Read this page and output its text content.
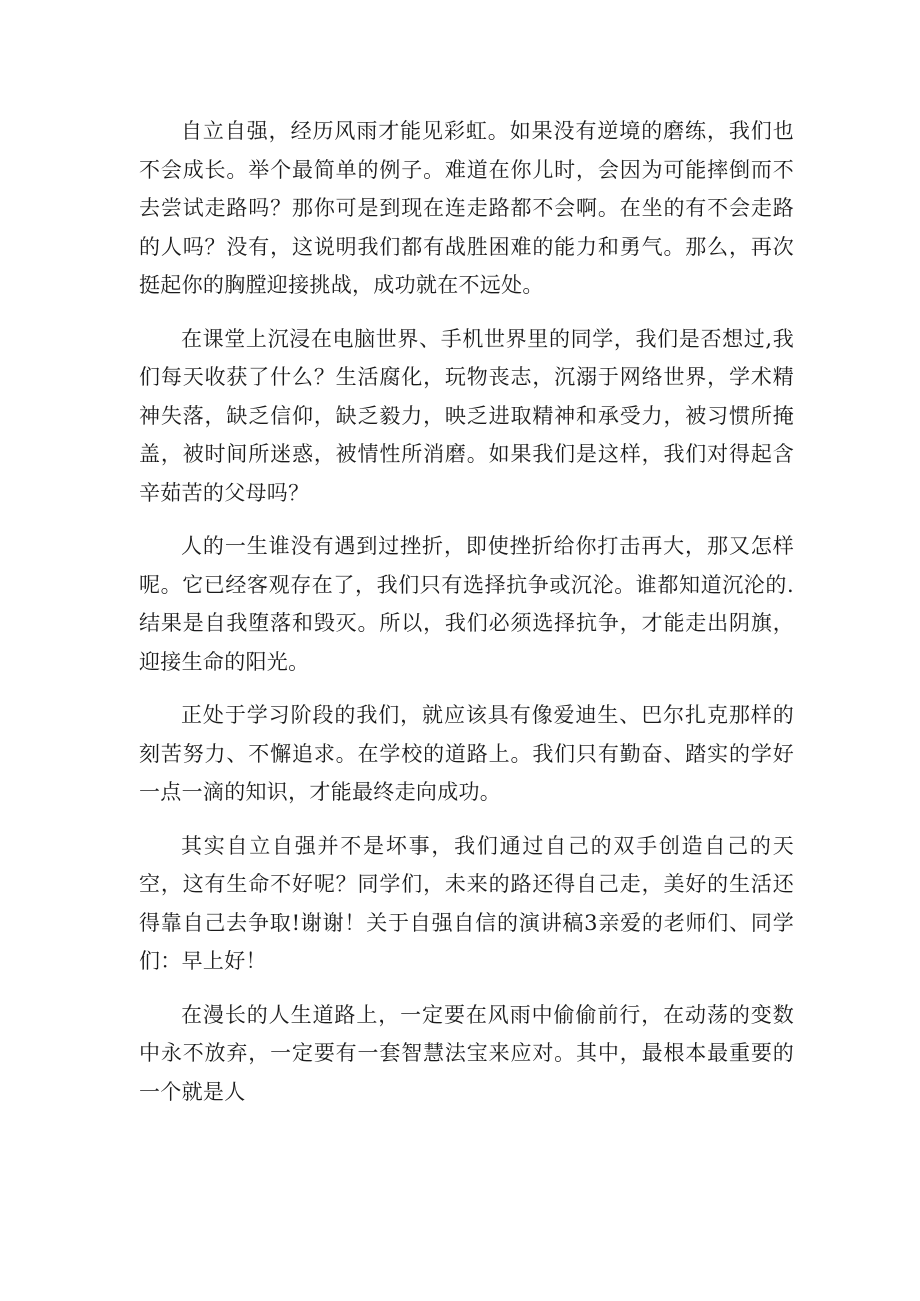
自立自强，经历风雨才能见彩虹。如果没有逆境的磨练，我们也不会成长。举个最简单的例子。难道在你儿时，会因为可能摔倒而不去尝试走路吗？那你可是到现在连走路都不会啊。在坐的有不会走路的人吗？没有，这说明我们都有战胜困难的能力和勇气。那么，再次挺起你的胸膛迎接挑战，成功就在不远处。

在课堂上沉浸在电脑世界、手机世界里的同学，我们是否想过,我们每天收获了什么？生活腐化，玩物丧志，沉溺于网络世界，学术精神失落，缺乏信仰，缺乏毅力，映乏进取精神和承受力，被习惯所掩盖，被时间所迷惑，被情性所消磨。如果我们是这样，我们对得起含辛茹苦的父母吗？

人的一生谁没有遇到过挫折，即使挫折给你打击再大，那又怎样呢。它已经客观存在了，我们只有选择抗争或沉沦。谁都知道沉沦的.结果是自我堕落和毁灭。所以，我们必须选择抗争，才能走出阴旗，迎接生命的阳光。

正处于学习阶段的我们，就应该具有像爱迪生、巴尔扎克那样的刻苦努力、不懈追求。在学校的道路上。我们只有勤奋、踏实的学好一点一滴的知识，才能最终走向成功。

其实自立自强并不是坏事，我们通过自己的双手创造自己的天空，这有生命不好呢？同学们，未来的路还得自己走，美好的生活还得靠自己去争取!谢谢！关于自强自信的演讲稿3亲爱的老师们、同学们：早上好！

在漫长的人生道路上，一定要在风雨中偷偷前行，在动荡的变数中永不放弃，一定要有一套智慧法宝来应对。其中，最根本最重要的一个就是人
